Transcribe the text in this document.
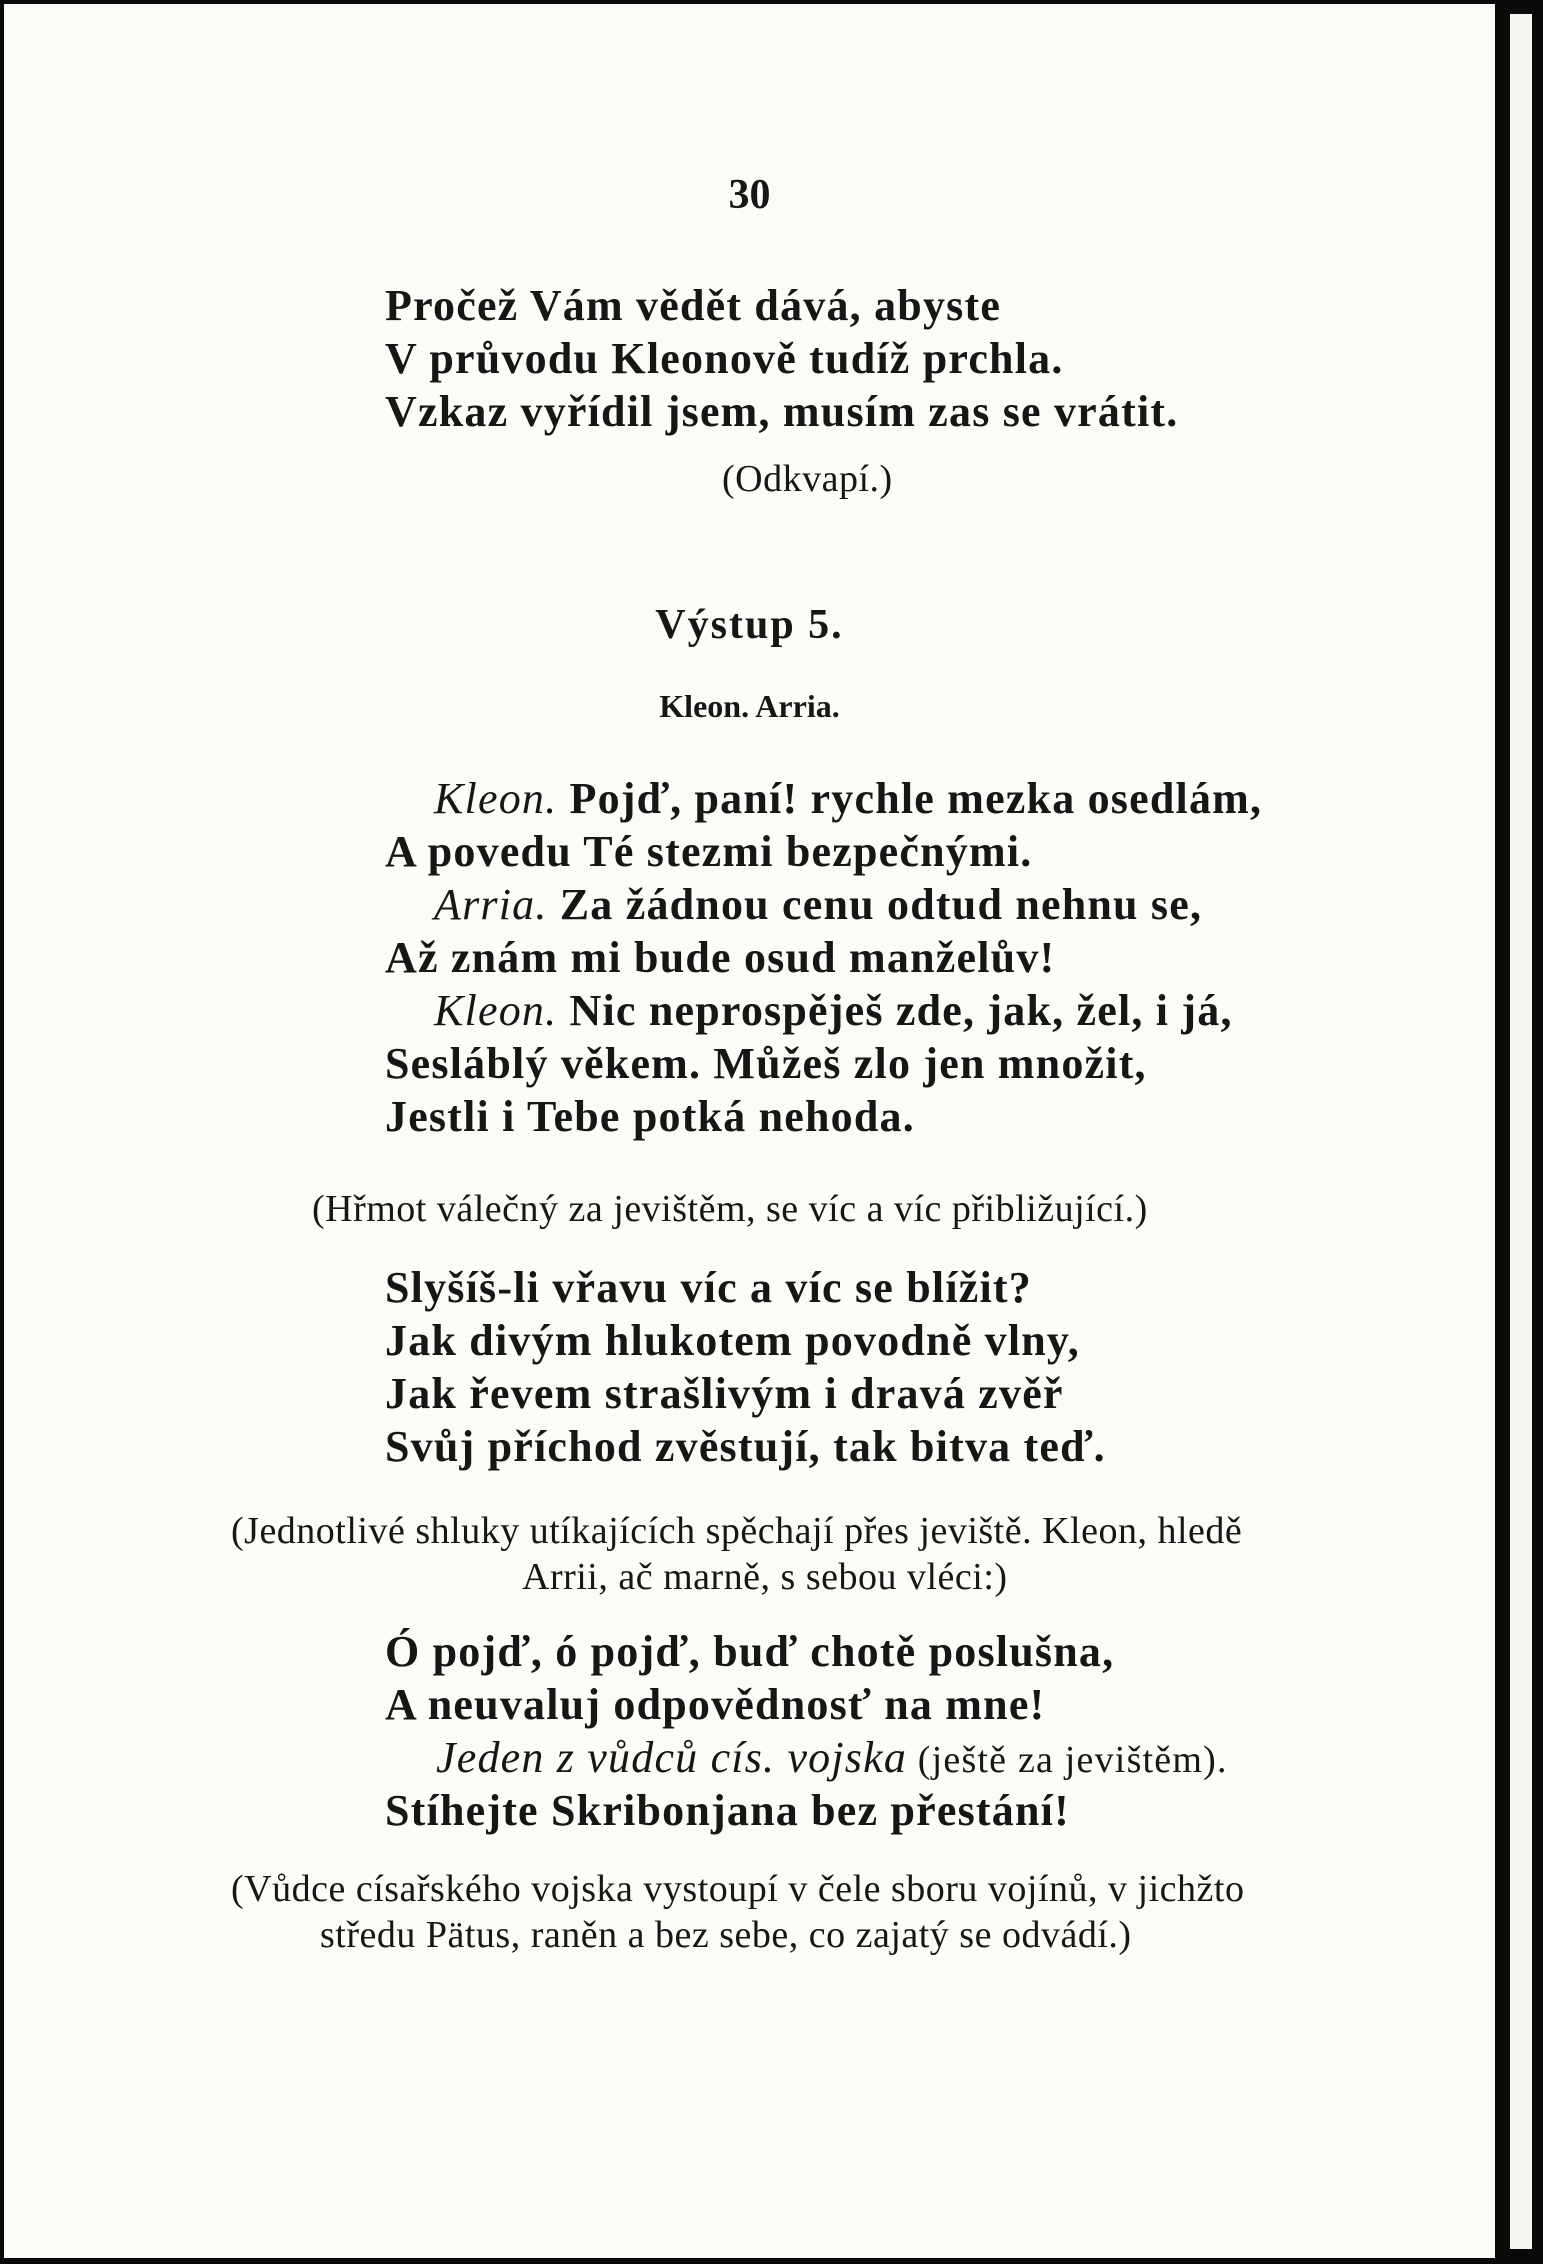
30
Pročež Vám vědět dává, abyste
V průvodu Kleonově tudíž prchla.
Vzkaz vyřídil jsem, musím zas se vrátit.
(Odkvapí.)
Výstup 5.
Kleon. Arria.
Kleon. Pojď, paní! rychle mezka osedlám,
A povedu Té stezmi bezpečnými.
Arria. Za žádnou cenu odtud nehnu se,
Až znám mi bude osud manželův!
Kleon. Nic neprospěješ zde, jak, žel, i já,
Sesláblý věkem. Můžeš zlo jen množit,
Jestli i Tebe potká nehoda.
(Hřmot válečný za jevištěm, se víc a víc přibližující.)
Slyšíš-li vřavu víc a víc se blížit?
Jak divým hlukotem povodně vlny,
Jak řevem strašlivým i dravá zvěř
Svůj příchod zvěstují, tak bitva teď.
(Jednotlivé shluky utíkajících spěchají přes jeviště. Kleon, hledě
Arrii, ač marně, s sebou vléci:)
Ó pojď, ó pojď, buď chotě poslušna,
A neuvaluj odpovědnosť na mne!
Jeden z vůdců cís. vojska (ještě za jevištěm).
Stíhejte Skribonjana bez přestání!
(Vůdce císařského vojska vystoupí v čele sboru vojínů, v jichžto
středu Pätus, raněn a bez sebe, co zajatý se odvádí.)
